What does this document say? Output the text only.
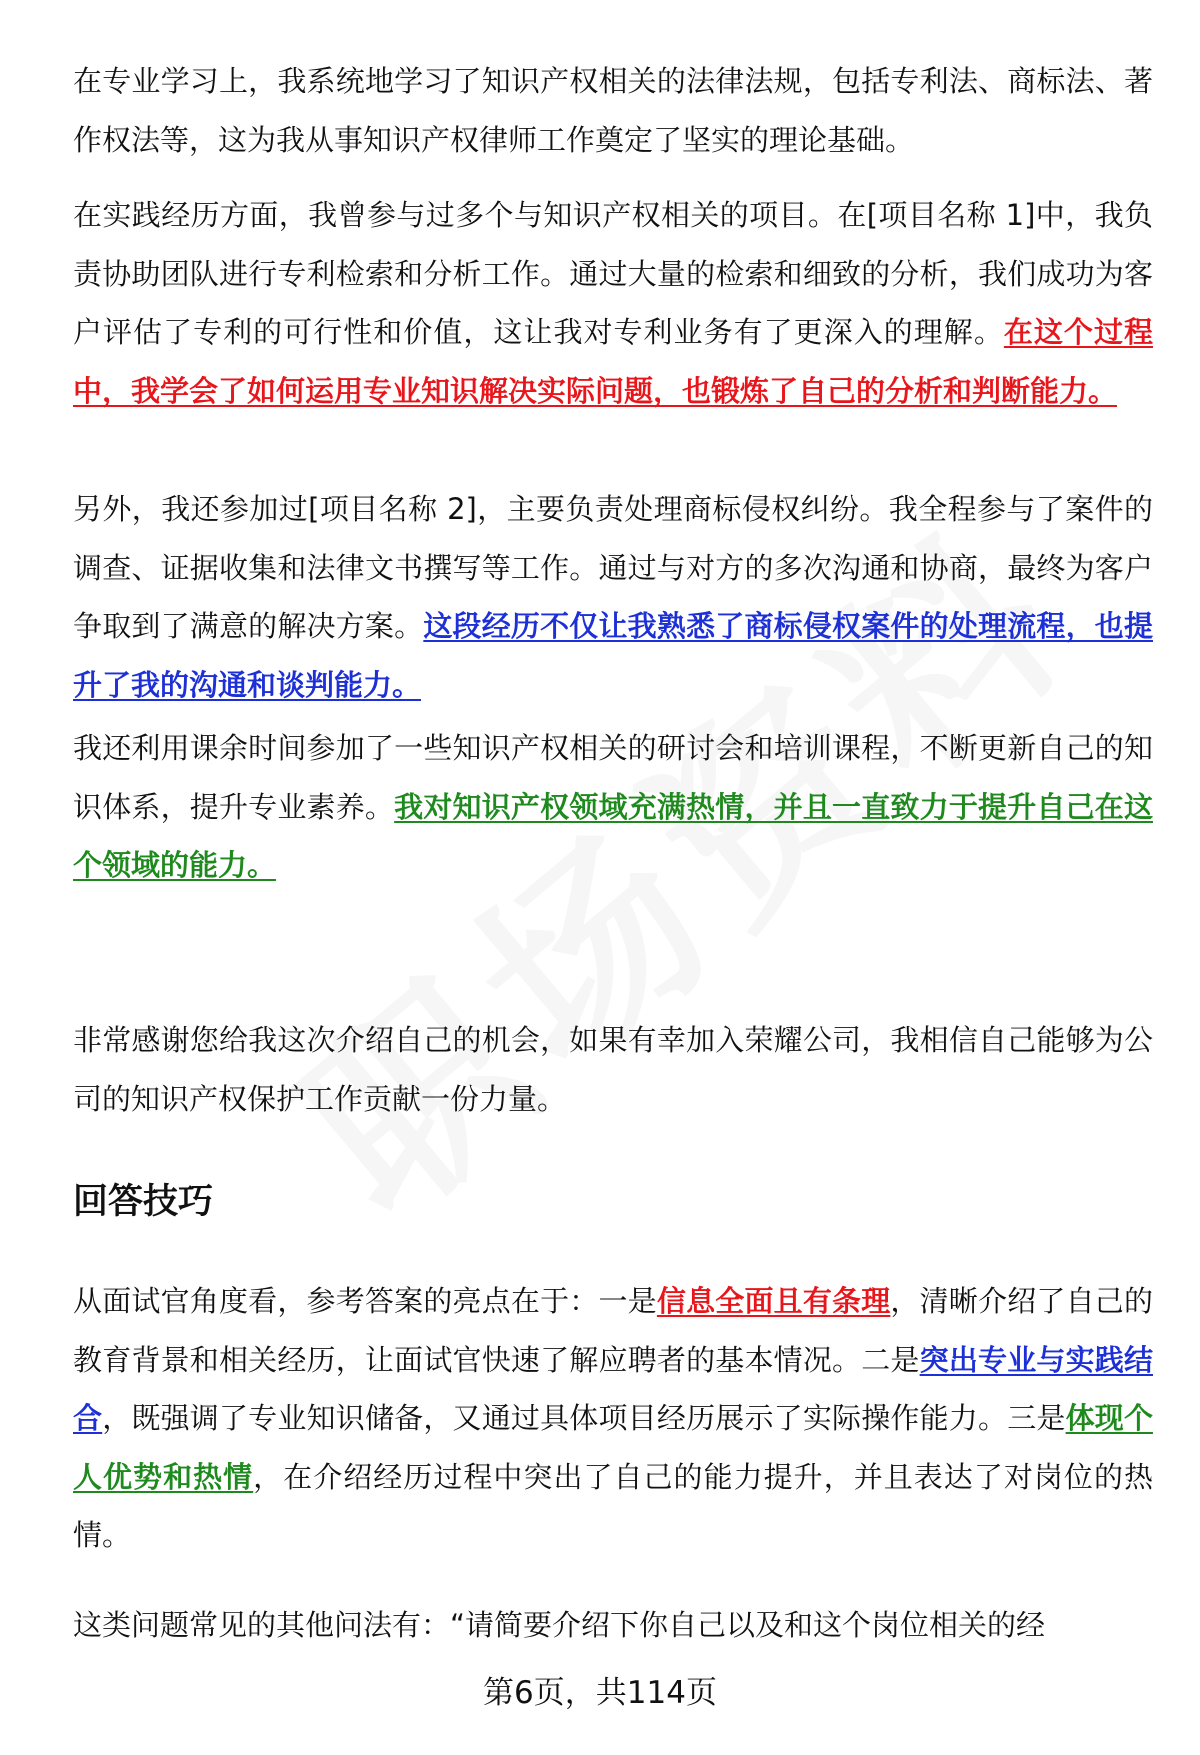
在专业学习上，我系统地学习了知识产权相关的法律法规，包括专利法、商标法、著作权法等，这为我从事知识产权律师工作奠定了坚实的理论基础。

在实践经历方面，我曾参与过多个与知识产权相关的项目。在[项目名称 1]中，我负责协助团队进行专利检索和分析工作。通过大量的检索和细致的分析，我们成功为客户评估了专利的可行性和价值，这让我对专利业务有了更深入的理解。在这个过程中，我学会了如何运用专业知识解决实际问题，也锻炼了自己的分析和判断能力。

另外，我还参加过[项目名称 2]，主要负责处理商标侵权纠纷。我全程参与了案件的调查、证据收集和法律文书撰写等工作。通过与对方的多次沟通和协商，最终为客户争取到了满意的解决方案。这段经历不仅让我熟悉了商标侵权案件的处理流程，也提升了我的沟通和谈判能力。

我还利用课余时间参加了一些知识产权相关的研讨会和培训课程，不断更新自己的知识体系，提升专业素养。我对知识产权领域充满热情，并且一直致力于提升自己在这个领域的能力。

非常感谢您给我这次介绍自己的机会，如果有幸加入荣耀公司，我相信自己能够为公司的知识产权保护工作贡献一份力量。

回答技巧

从面试官角度看，参考答案的亮点在于：一是信息全面且有条理，清晰介绍了自己的教育背景和相关经历，让面试官快速了解应聘者的基本情况。二是突出专业与实践结合，既强调了专业知识储备，又通过具体项目经历展示了实际操作能力。三是体现个人优势和热情，在介绍经历过程中突出了自己的能力提升，并且表达了对岗位的热情。

这类问题常见的其他问法有：“请简要介绍下你自己以及和这个岗位相关的经

第6页，共114页
